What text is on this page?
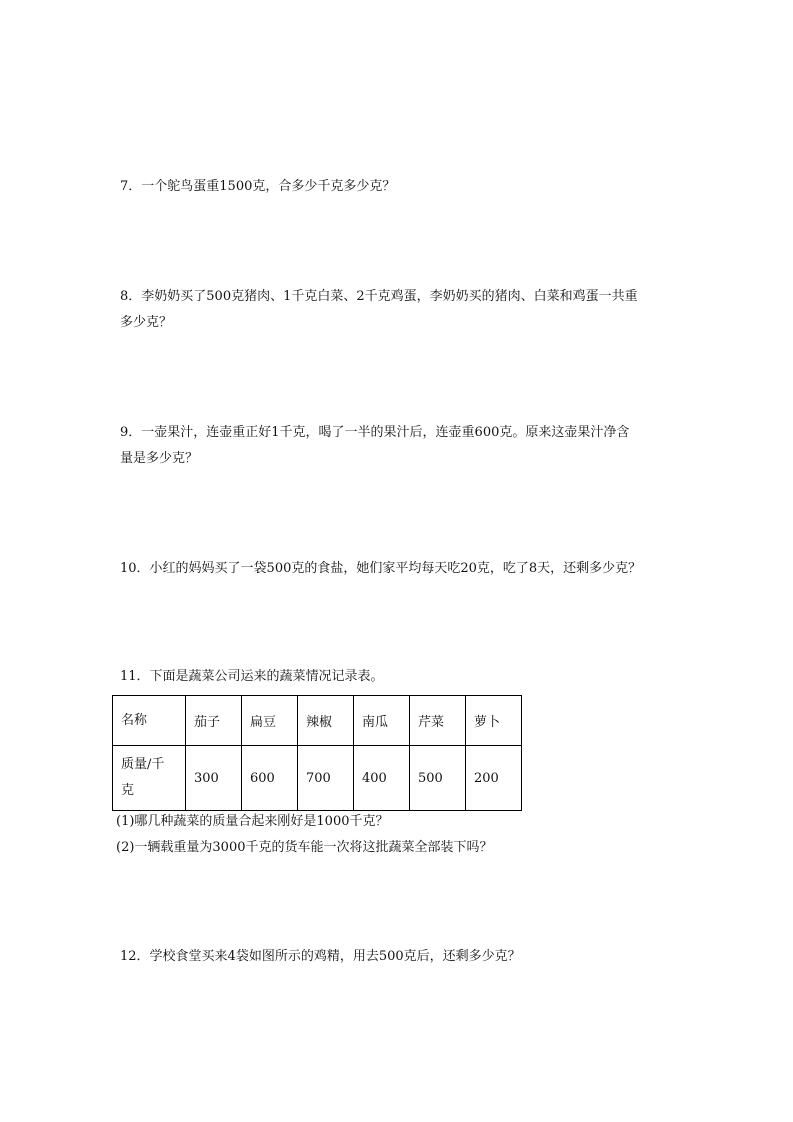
7．一个鸵鸟蛋重1500克，合多少千克多少克？
8．李奶奶买了500克猪肉、1千克白菜、2千克鸡蛋，李奶奶买的猪肉、白菜和鸡蛋一共重
多少克？
9．一壶果汁，连壶重正好1千克，喝了一半的果汁后，连壶重600克。原来这壶果汁净含
量是多少克？
10．小红的妈妈买了一袋500克的食盐，她们家平均每天吃20克，吃了8天，还剩多少克？
11．下面是蔬菜公司运来的蔬菜情况记录表。
名称	茄子	扁豆	辣椒	南瓜	芹菜	萝卜
质量/千
克	300	600	700	400	500	200
(1)哪几种蔬菜的质量合起来刚好是1000千克？
(2)一辆载重量为3000千克的货车能一次将这批蔬菜全部装下吗？
12．学校食堂买来4袋如图所示的鸡精，用去500克后，还剩多少克？
